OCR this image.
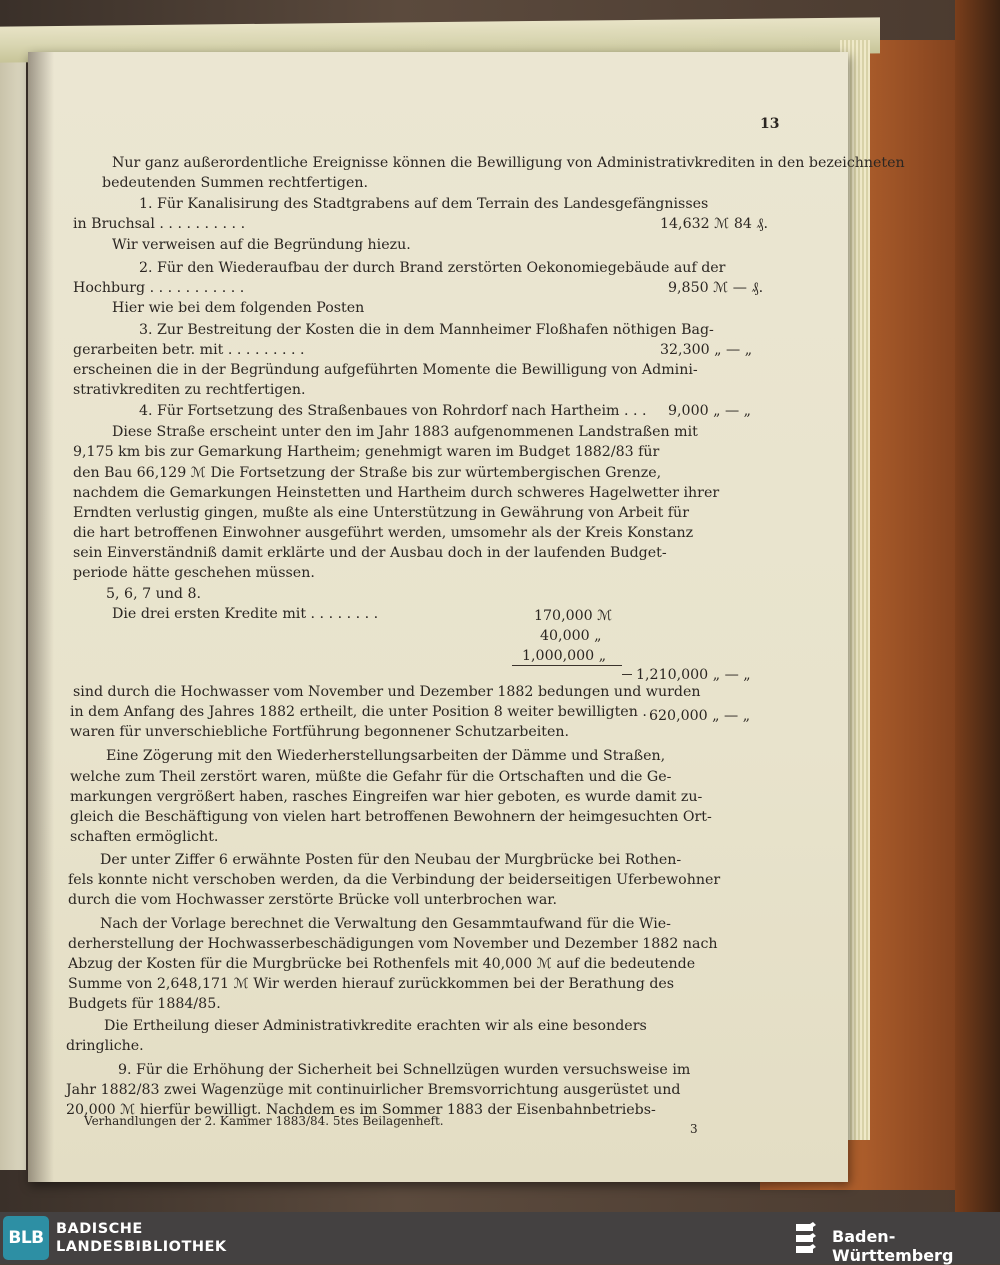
13
Nur ganz außerordentliche Ereignisse können die Bewilligung von Administrativkrediten in den bezeichneten
bedeutenden Summen rechtfertigen.
1. Für Kanalisirung des Stadtgrabens auf dem Terrain des Landesgefängnisses
in Bruchsal . . . . . . . . . .
Wir verweisen auf die Begründung hiezu.
2. Für den Wiederaufbau der durch Brand zerstörten Oekonomiegebäude auf der
Hochburg . . . . . . . . . . .
Hier wie bei dem folgenden Posten
3. Zur Bestreitung der Kosten die in dem Mannheimer Floßhafen nöthigen Bag-
gerarbeiten betr. mit . . . . . . . . .
erscheinen die in der Begründung aufgeführten Momente die Bewilligung von Admini-
strativkrediten zu rechtfertigen.
4. Für Fortsetzung des Straßenbaues von Rohrdorf nach Hartheim . . .
Diese Straße erscheint unter den im Jahr 1883 aufgenommenen Landstraßen mit
9,175 km bis zur Gemarkung Hartheim; genehmigt waren im Budget 1882/83 für
den Bau 66,129 ℳ Die Fortsetzung der Straße bis zur würtembergischen Grenze,
nachdem die Gemarkungen Heinstetten und Hartheim durch schweres Hagelwetter ihrer
Erndten verlustig gingen, mußte als eine Unterstützung in Gewährung von Arbeit für
die hart betroffenen Einwohner ausgeführt werden, umsomehr als der Kreis Konstanz
sein Einverständniß damit erklärte und der Ausbau doch in der laufenden Budget-
periode hätte geschehen müssen.
5, 6, 7 und 8.
Die drei ersten Kredite mit . . . . . . . .
sind durch die Hochwasser vom November und Dezember 1882 bedungen und wurden
in dem Anfang des Jahres 1882 ertheilt, die unter Position 8 weiter bewilligten .
waren für unverschiebliche Fortführung begonnener Schutzarbeiten.
Eine Zögerung mit den Wiederherstellungsarbeiten der Dämme und Straßen,
welche zum Theil zerstört waren, müßte die Gefahr für die Ortschaften und die Ge-
markungen vergrößert haben, rasches Eingreifen war hier geboten, es wurde damit zu-
gleich die Beschäftigung von vielen hart betroffenen Bewohnern der heimgesuchten Ort-
schaften ermöglicht.
Der unter Ziffer 6 erwähnte Posten für den Neubau der Murgbrücke bei Rothen-
fels konnte nicht verschoben werden, da die Verbindung der beiderseitigen Uferbewohner
durch die vom Hochwasser zerstörte Brücke voll unterbrochen war.
Nach der Vorlage berechnet die Verwaltung den Gesammtaufwand für die Wie-
derherstellung der Hochwasserbeschädigungen vom November und Dezember 1882 nach
Abzug der Kosten für die Murgbrücke bei Rothenfels mit 40,000 ℳ auf die bedeutende
Summe von 2,648,171 ℳ Wir werden hierauf zurückkommen bei der Berathung des
Budgets für 1884/85.
Die Ertheilung dieser Administrativkredite erachten wir als eine besonders
dringliche.
9. Für die Erhöhung der Sicherheit bei Schnellzügen wurden versuchsweise im
Jahr 1882/83 zwei Wagenzüge mit continuirlicher Bremsvorrichtung ausgerüstet und
20,000 ℳ hierfür bewilligt. Nachdem es im Sommer 1883 der Eisenbahnbetriebs-
14,632 ℳ 84 ₰.
9,850 ℳ — ₰.
32,300 „ — „
9,000 „ — „
170,000 ℳ
40,000 „
1,000,000 „
1,210,000 „ — „
620,000 „ — „
Verhandlungen der 2. Kammer 1883/84. 5tes Beilagenheft.
3
BLB BADISCHE
LANDESBIBLIOTHEK
Baden-Württemberg
